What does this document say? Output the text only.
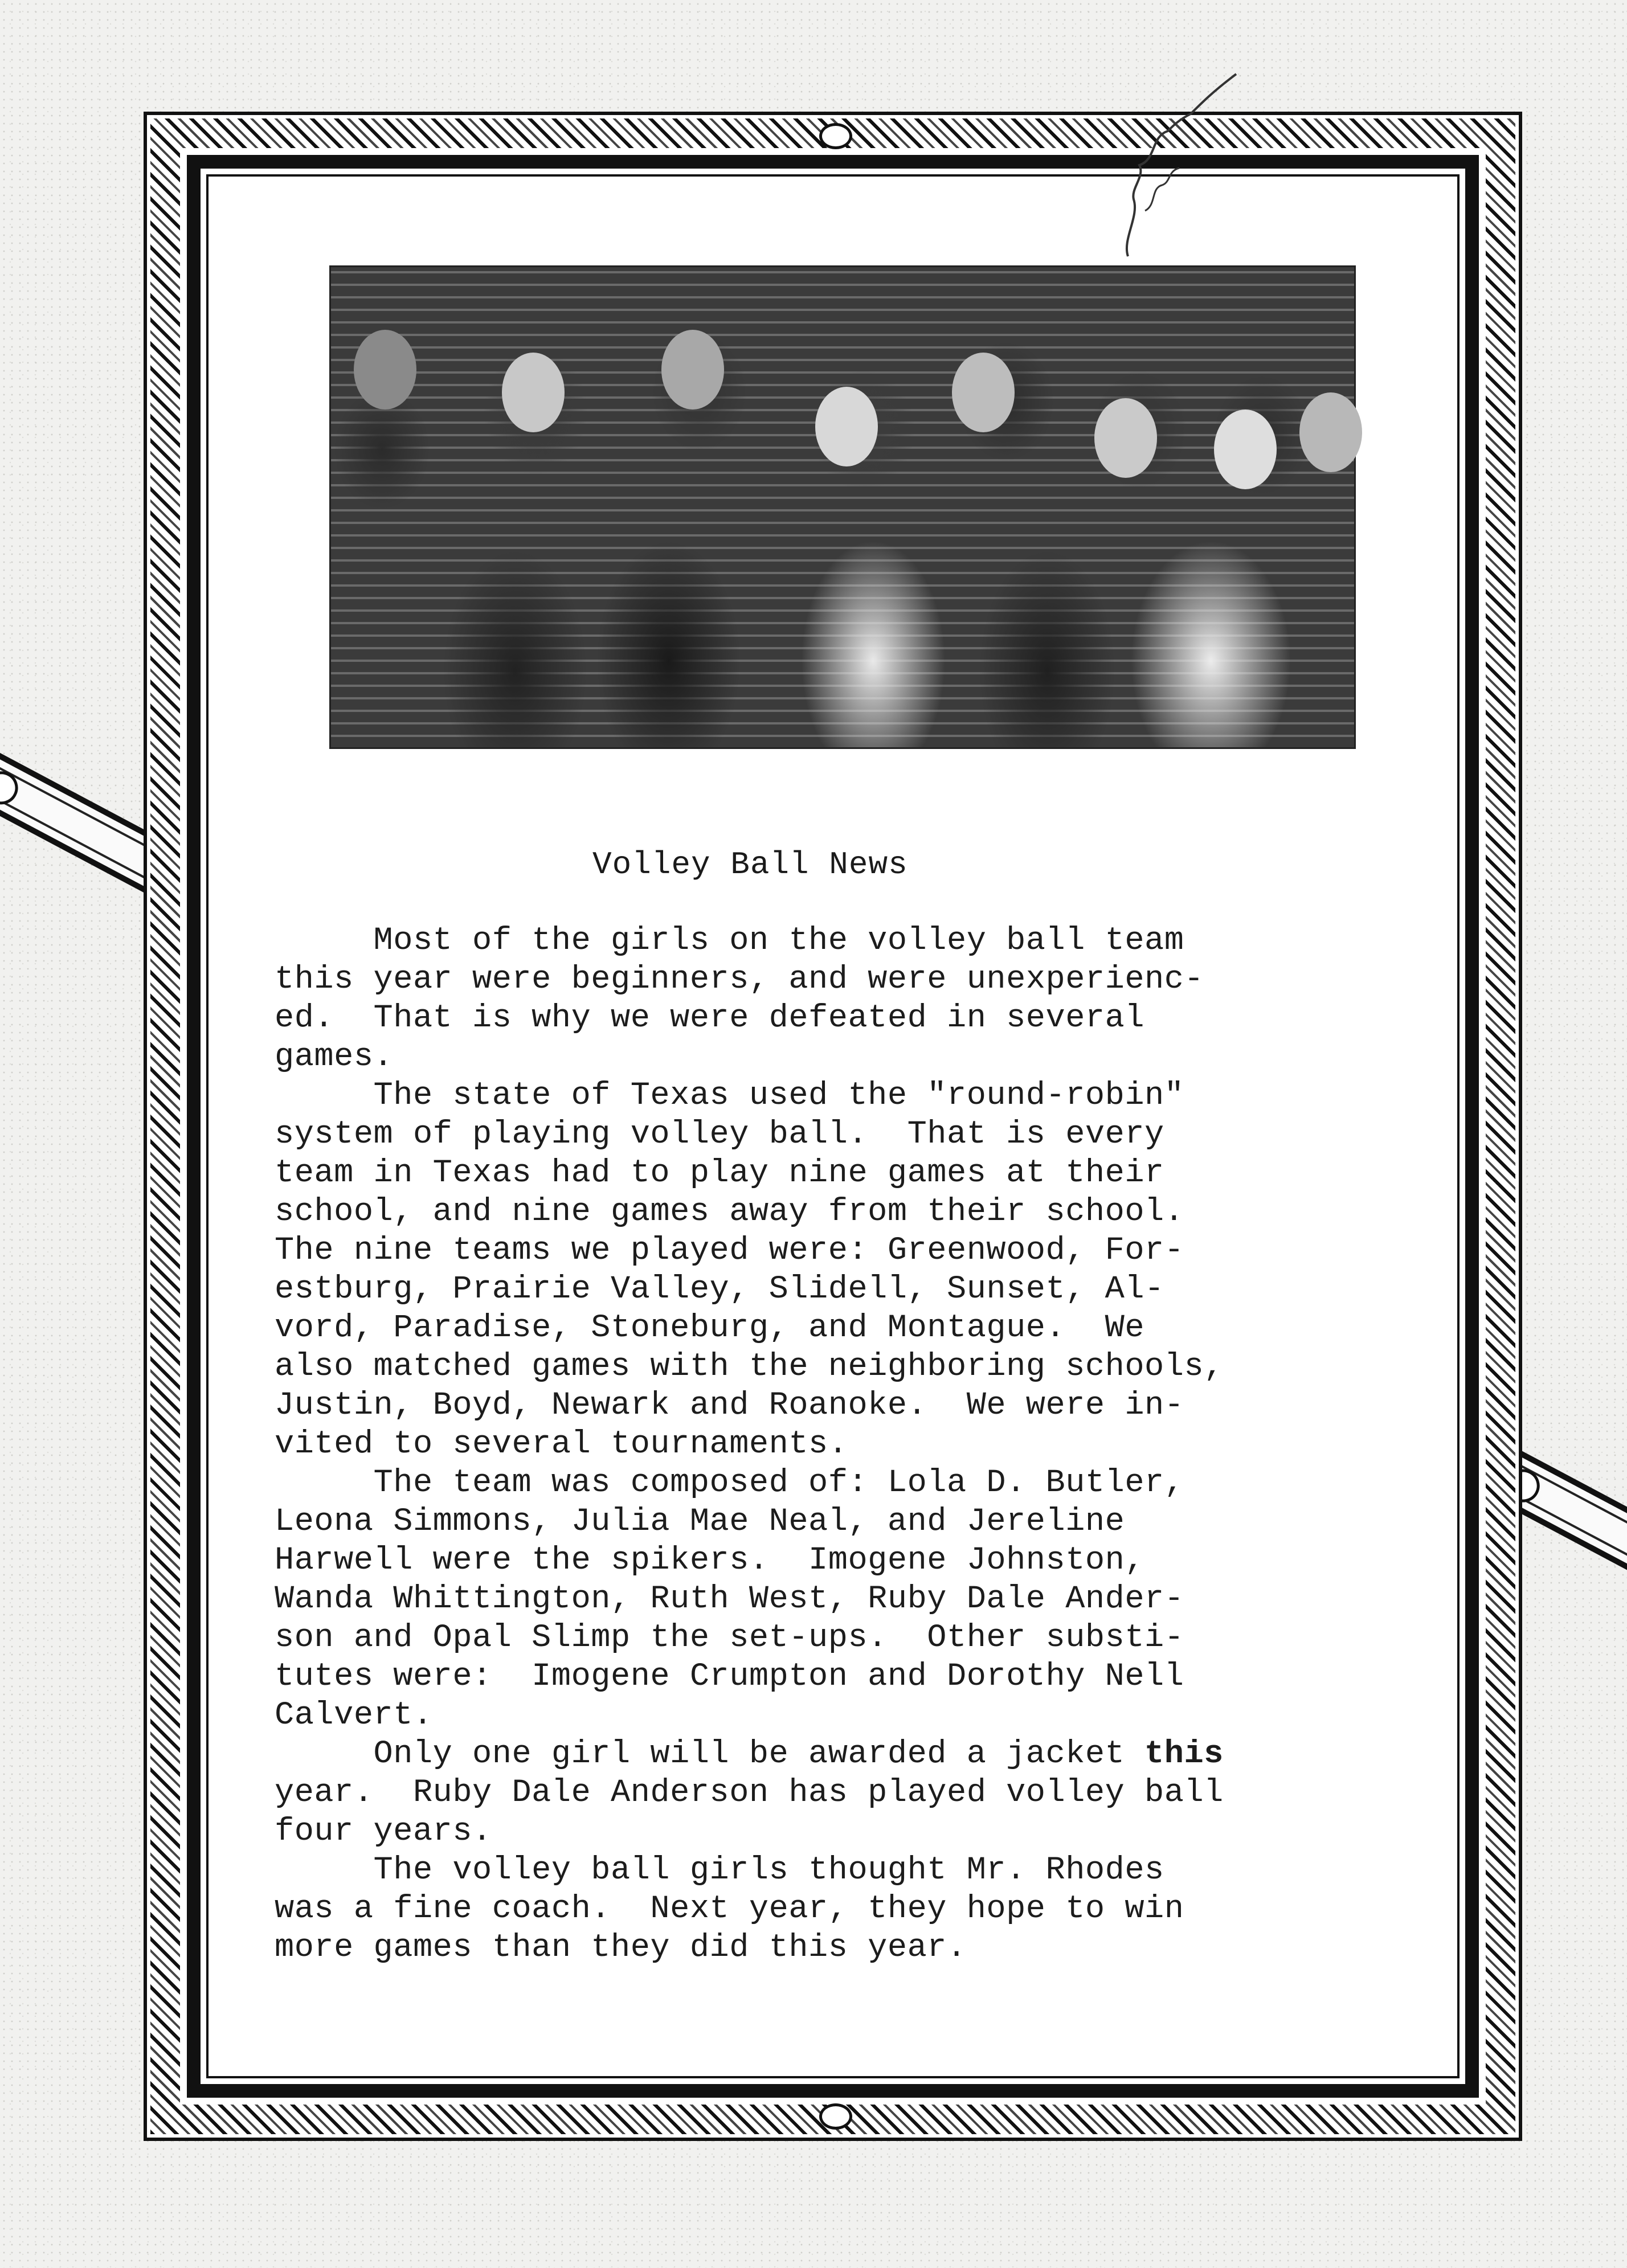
Volley Ball News
Most of the girls on the volley ball team
this year were beginners, and were unexperienc-
ed.  That is why we were defeated in several
games.
The state of Texas used the "round-robin"
system of playing volley ball.  That is every
team in Texas had to play nine games at their
school, and nine games away from their school.
The nine teams we played were: Greenwood, For-
estburg, Prairie Valley, Slidell, Sunset, Al-
vord, Paradise, Stoneburg, and Montague.  We
also matched games with the neighboring schools,
Justin, Boyd, Newark and Roanoke.  We were in-
vited to several tournaments.
The team was composed of: Lola D. Butler,
Leona Simmons, Julia Mae Neal, and Jereline
Harwell were the spikers.  Imogene Johnston,
Wanda Whittington, Ruth West, Ruby Dale Ander-
son and Opal Slimp the set-ups.  Other substi-
tutes were:  Imogene Crumpton and Dorothy Nell
Calvert.
Only one girl will be awarded a jacket this
year.  Ruby Dale Anderson has played volley ball
four years.
The volley ball girls thought Mr. Rhodes
was a fine coach.  Next year, they hope to win
more games than they did this year.
